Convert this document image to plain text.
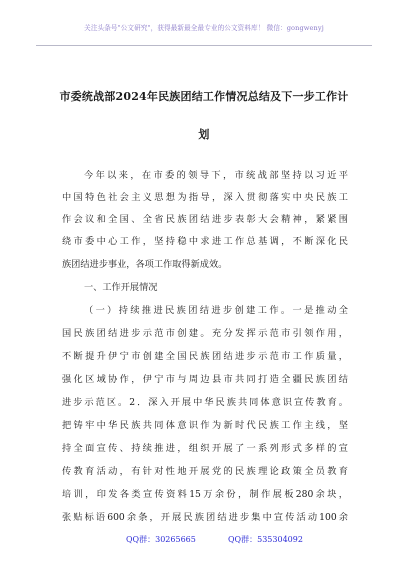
关注头条号"公文研究"，获得最新最全最专业的公文资料库！ 微信：gongwenyj
市委统战部2024年民族团结工作情况总结及下一步工作计
划
今年以来，在市委的领导下，市统战部坚持以习近平
中国特色社会主义思想为指导，深入贯彻落实中央民族工
作会议和全国、全省民族团结进步表彰大会精神，紧紧围
绕市委中心工作，坚持稳中求进工作总基调，不断深化民
族团结进步事业，各项工作取得新成效。
一、工作开展情况
（一）持续推进民族团结进步创建工作。一是推动全
国民族团结进步示范市创建。充分发挥示范市引领作用，
不断提升伊宁市创建全国民族团结进步示范市工作质量，
强化区域协作，伊宁市与周边县市共同打造全疆民族团结
进步示范区。2．深入开展中华民族共同体意识宣传教育。
把铸牢中华民族共同体意识作为新时代民族工作主线，坚
持全面宣传、持续推进，组织开展了一系列形式多样的宣
传教育活动，有针对性地开展党的民族理论政策全员教育
培训，印发各类宣传资料15万余份，制作展板280余块，
张贴标语600余条，开展民族团结进步集中宣传活动100余
QQ群：30265665	QQ群：535304092
